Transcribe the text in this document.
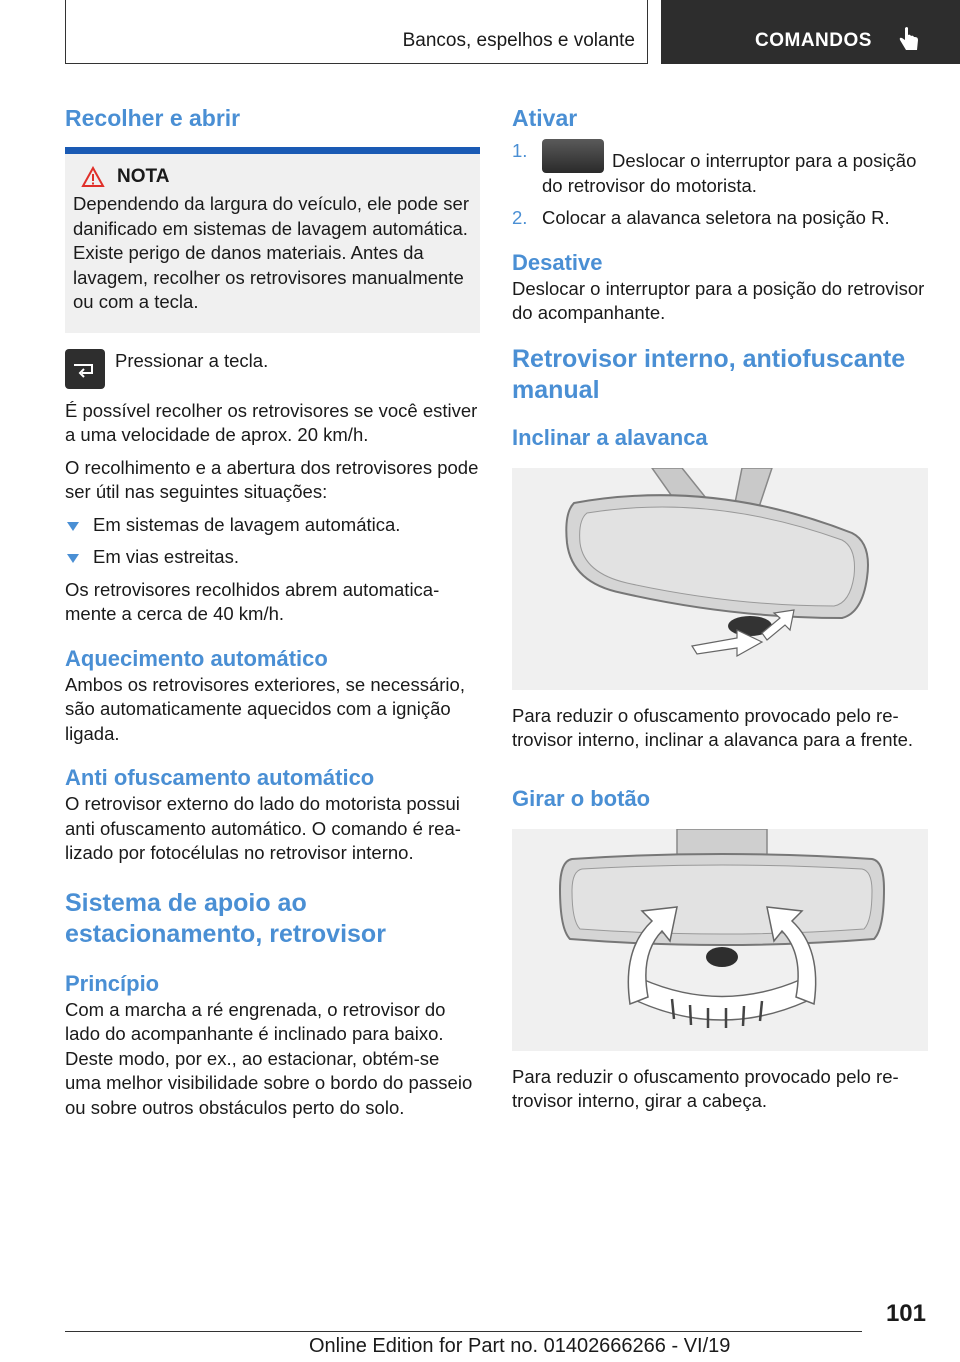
Bancos, espelhos e volante	COMANDOS
Recolher e abrir
NOTA

Dependendo da largura do veículo, ele pode ser danificado em sistemas de lavagem automática. Existe perigo de danos materiais. Antes da lavagem, recolher os retrovisores manualmente ou com a tecla.

Pressionar a tecla.

É possível recolher os retrovisores se você estiver a uma velocidade de aprox. 20 km/h.

O recolhimento e a abertura dos retrovisores pode ser útil nas seguintes situações:

Em sistemas de lavagem automática.

Em vias estreitas.

Os retrovisores recolhidos abrem automaticamente a cerca de 40 km/h.

Aquecimento automático

Ambos os retrovisores exteriores, se necessário, são automaticamente aquecidos com a ignição ligada.

Anti ofuscamento automático

O retrovisor externo do lado do motorista possui anti ofuscamento automático. O comando é realizado por fotocélulas no retrovisor interno.

Sistema de apoio ao estacionamento, retrovisor
Princípio

Com a marcha a ré engrenada, o retrovisor do lado do acompanhante é inclinado para baixo. Deste modo, por ex., ao estacionar, obtém-se uma melhor visibilidade sobre o bordo do passeio ou sobre outros obstáculos perto do solo.

Ativar
1.	Deslocar o interruptor para a posição do retrovisor do motorista.

2. Colocar a alavanca seletora na posição R.

Desative

Deslocar o interruptor para a posição do retrovisor do acompanhante.

Retrovisor interno, antiofuscante manual
Inclinar a alavanca

Para reduzir o ofuscamento provocado pelo retrovisor interno, inclinar a alavanca para a frente.

Girar o botão

Para reduzir o ofuscamento provocado pelo retrovisor interno, girar a cabeça.

101
Online Edition for Part no. 01402666266 - VI/19
